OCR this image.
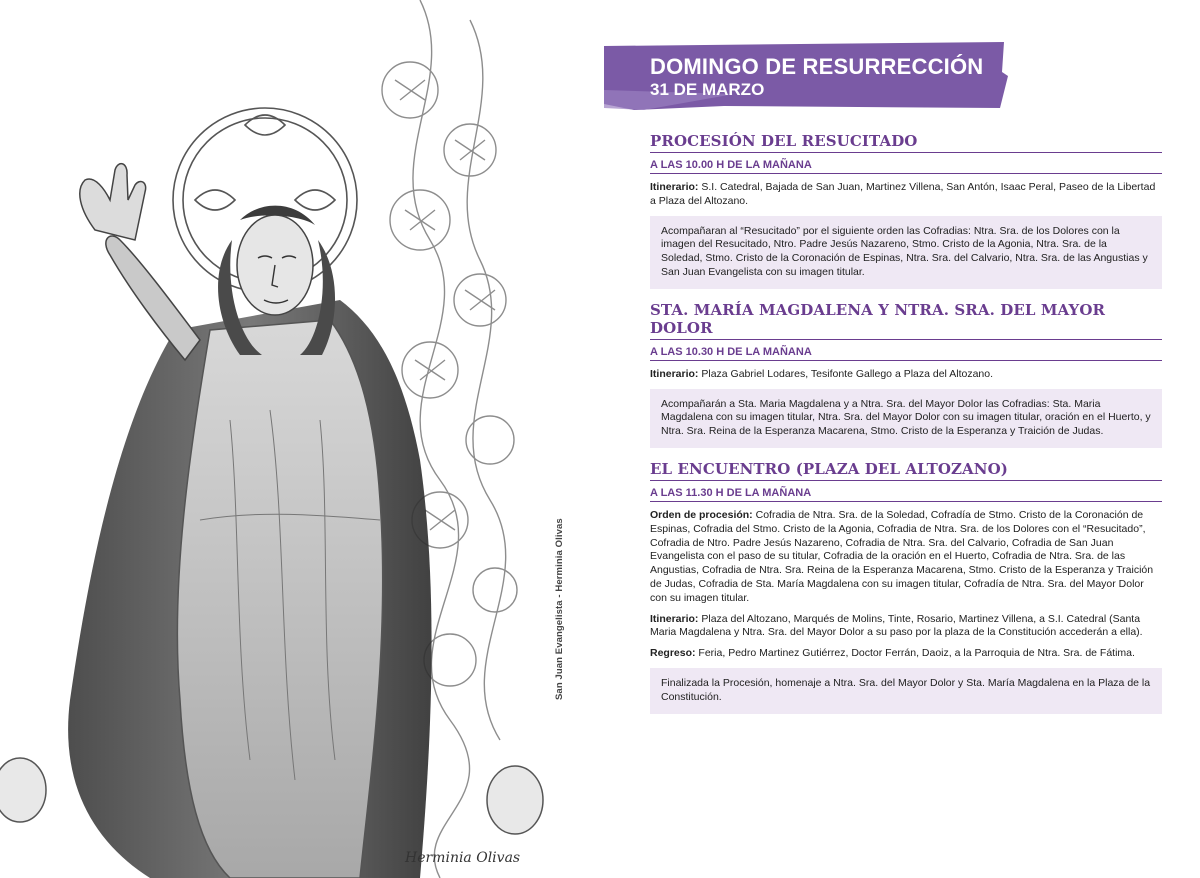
San Juan Evangelista - Herminia Olivas
Herminia Olivas
DOMINGO DE RESURRECCIÓN
31 DE MARZO
PROCESIÓN DEL RESUCITADO
A LAS 10.00 H DE LA MAÑANA

Itinerario: S.I. Catedral, Bajada de San Juan, Martinez Villena, San Antón, Isaac Peral, Paseo de la Libertad a Plaza del Altozano.

Acompañaran al “Resucitado” por el siguiente orden las Cofradias: Ntra. Sra. de los Dolores con la imagen del Resucitado, Ntro. Padre Jesús Nazareno, Stmo. Cristo de la Agonia, Ntra. Sra. de la Soledad, Stmo. Cristo de la Coronación de Espinas, Ntra. Sra. del Calvario, Ntra. Sra. de las Angustias y San Juan Evangelista con su imagen titular.
STA. MARÍA MAGDALENA Y NTRA. SRA. DEL MAYOR DOLOR
A LAS 10.30 H DE LA MAÑANA

Itinerario: Plaza Gabriel Lodares, Tesifonte Gallego a Plaza del Altozano.

Acompañarán a Sta. Maria Magdalena y a Ntra. Sra. del Mayor Dolor las Cofradias: Sta. Maria Magdalena con su imagen titular, Ntra. Sra. del Mayor Dolor con su imagen titular, oración en el Huerto, y Ntra. Sra. Reina de la Esperanza Macarena, Stmo. Cristo de la Esperanza y Traición de Judas.
EL ENCUENTRO (PLAZA DEL ALTOZANO)
A LAS 11.30 H DE LA MAÑANA

Orden de procesión: Cofradia de Ntra. Sra. de la Soledad, Cofradía de Stmo. Cristo de la Coronación de Espinas, Cofradia del Stmo. Cristo de la Agonia, Cofradia de Ntra. Sra. de los Dolores con el “Resucitado”, Cofradia de Ntro. Padre Jesús Nazareno, Cofradia de Ntra. Sra. del Calvario, Cofradia de San Juan Evangelista con el paso de su titular, Cofradia de la oración en el Huerto, Cofradia de Ntra. Sra. de las Angustias, Cofradia de Ntra. Sra. Reina de la Esperanza Macarena, Stmo. Cristo de la Esperanza y Traición de Judas, Cofradia de Sta. María Magdalena con su imagen titular, Cofradía de Ntra. Sra. del Mayor Dolor con su imagen titular.

Itinerario: Plaza del Altozano, Marqués de Molins, Tinte, Rosario, Martinez Villena, a S.I. Catedral (Santa Maria Magdalena y Ntra. Sra. del Mayor Dolor a su paso por la plaza de la Constitución accederán a ella).

Regreso: Feria, Pedro Martinez Gutiérrez, Doctor Ferrán, Daoiz, a la Parroquia de Ntra. Sra. de Fátima.

Finalizada la Procesión, homenaje a Ntra. Sra. del Mayor Dolor y Sta. María Magdalena en la Plaza de la Constitución.
